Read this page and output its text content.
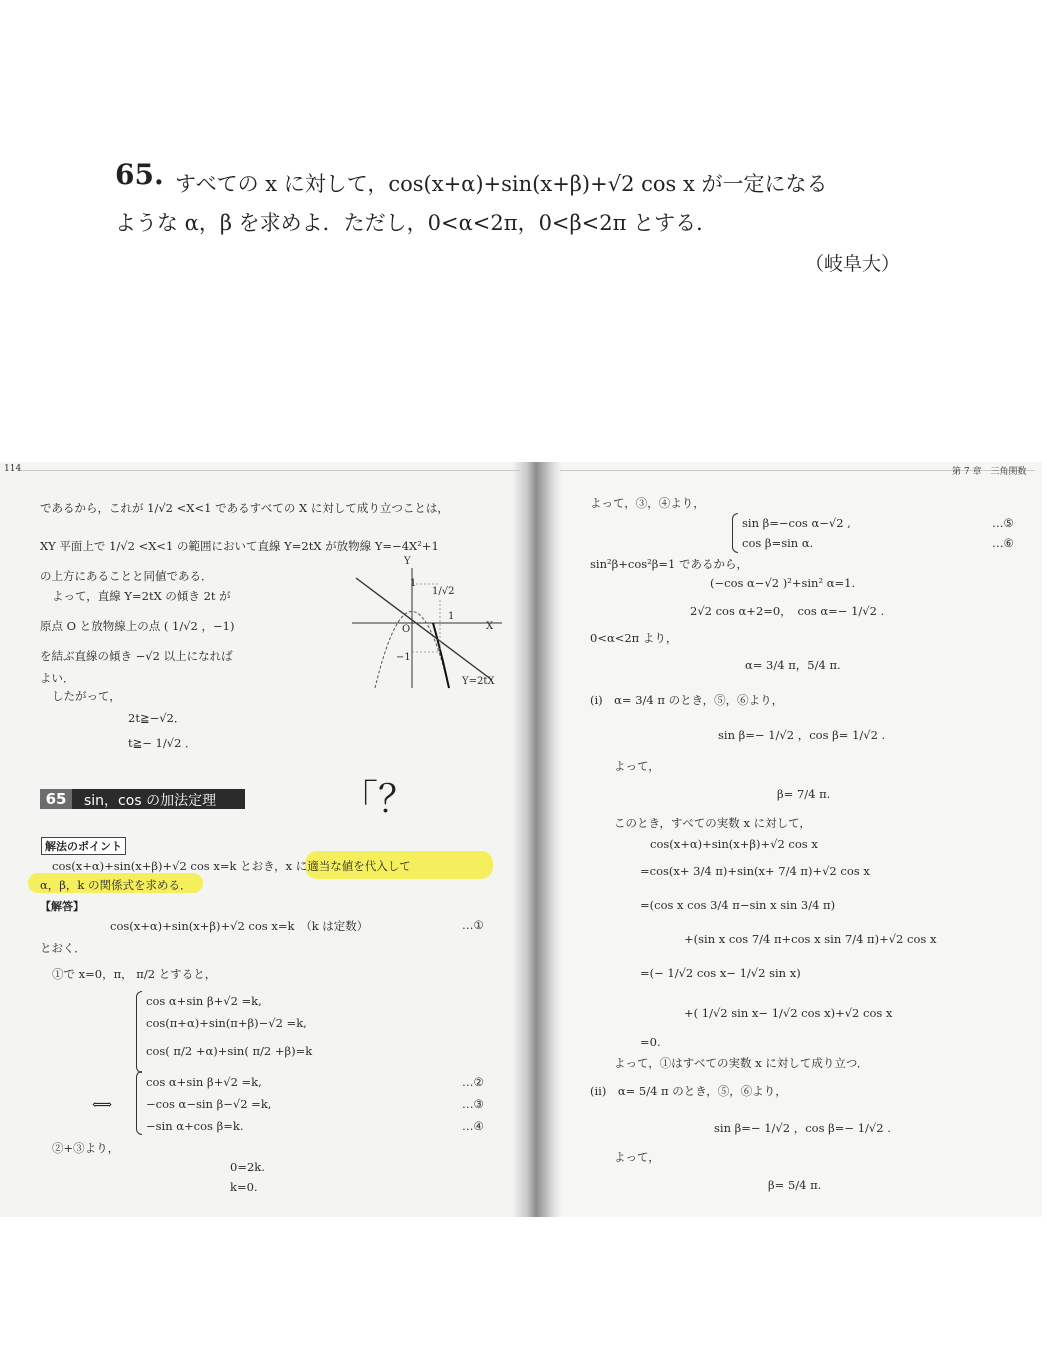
65. すべての x に対して，cos(x+α)+sin(x+β)+√2 cos x が一定になる
ような α，β を求めよ．ただし，0<α<2π，0<β<2π とする．
（岐阜大）
114	第 7 章　三角関数
であるから，これが 1/√2 <X<1 であるすべての X に対して成り立つことは，
XY 平面上で 1/√2 <X<1 の範囲において直線 Y=2tX が放物線 Y=−4X²+1
の上方にあることと同値である．
よって，直線 Y=2tX の傾き 2t が
原点 O と放物線上の点 ( 1/√2 ，−1)
を結ぶ直線の傾き −√2 以上になれば
よい．
したがって，
2t≧−√2．
t≧− 1/√2 ．
Y
X
O
1
−1
1/√2
1
Y=2tX
65	sin，cos の加法定理	「？
解法のポイント
cos(x+α)+sin(x+β)+√2 cos x=k とおき，x に適当な値を代入して
α，β，k の関係式を求める．
【解答】
cos(x+α)+sin(x+β)+√2 cos x=k　（k は定数）	…①
とおく．
①で x=0，π， π/2 とすると，
cos α+sin β+√2 =k,
cos(π+α)+sin(π+β)−√2 =k,
cos( π/2 +α)+sin( π/2 +β)=k
⟺
cos α+sin β+√2 =k,
−cos α−sin β−√2 =k,
−sin α+cos β=k.
…②
…③
…④
②+③より，
0=2k.
k=0.
よって，③，④より，
sin β=−cos α−√2 ,
cos β=sin α.
…⑤
…⑥
sin²β+cos²β=1 であるから，
(−cos α−√2 )²+sin² α=1.
2√2 cos α+2=0，　cos α=− 1/√2 .
0<α<2π より，
α= 3/4 π，5/4 π.
(i)　α= 3/4 π のとき，⑤，⑥より，
sin β=− 1/√2 ，cos β= 1/√2 .
よって，
β= 7/4 π.
このとき，すべての実数 x に対して，
cos(x+α)+sin(x+β)+√2 cos x
=cos(x+ 3/4 π)+sin(x+ 7/4 π)+√2 cos x
=(cos x cos 3/4 π−sin x sin 3/4 π)
+(sin x cos 7/4 π+cos x sin 7/4 π)+√2 cos x
=(− 1/√2 cos x− 1/√2 sin x)
+( 1/√2 sin x− 1/√2 cos x)+√2 cos x
=0.
よって，①はすべての実数 x に対して成り立つ．
(ii)　α= 5/4 π のとき，⑤，⑥より，
sin β=− 1/√2 ，cos β=− 1/√2 .
よって，
β= 5/4 π.
